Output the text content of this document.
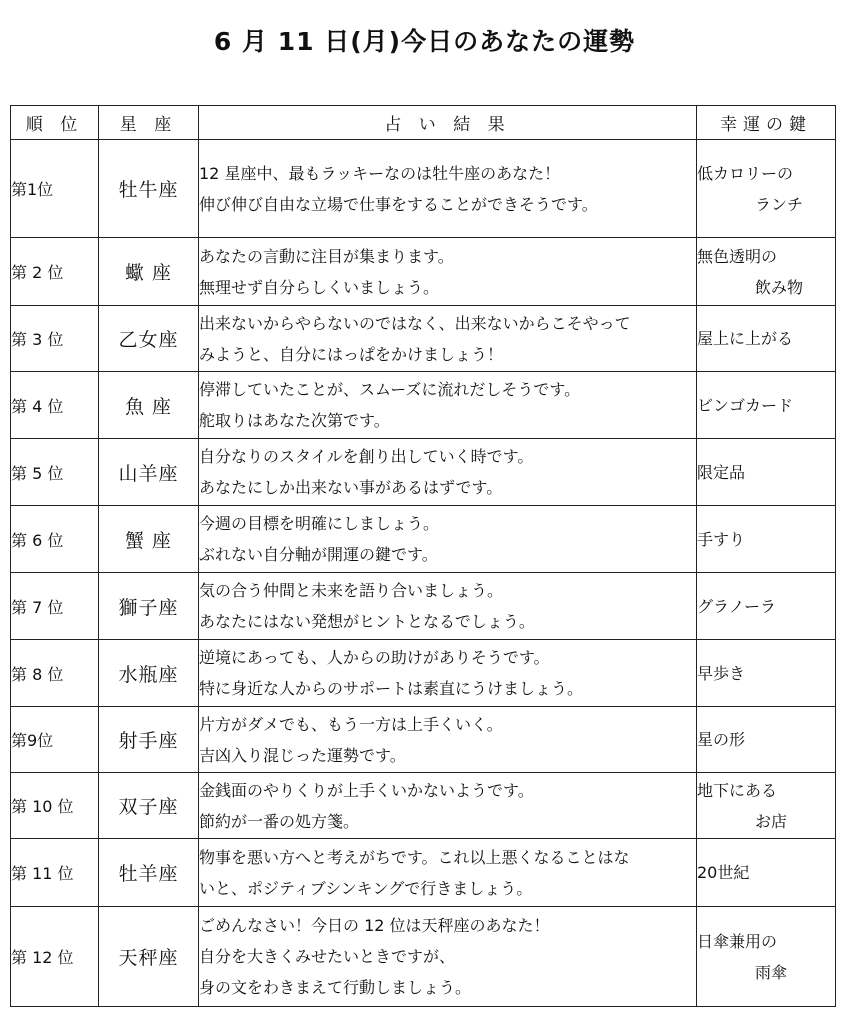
6 月 11 日(月)今日のあなたの運勢
順 位	星 座	占 い 結 果	幸運の鍵
第1位	牡牛座	12 星座中、最もラッキーなのは牡牛座のあなた！
伸び伸び自由な立場で仕事をすることができそうです。	低カロリーの
ランチ

第 2 位	蠍 座	あなたの言動に注目が集まります。
無理せず自分らしくいましょう。	無色透明の
飲み物

第 3 位	乙女座	出来ないからやらないのではなく、出来ないからこそやって
みようと、自分にはっぱをかけましょう！	屋上に上がる

第 4 位	魚 座	停滞していたことが、スムーズに流れだしそうです。
舵取りはあなた次第です。	ビンゴカード

第 5 位	山羊座	自分なりのスタイルを創り出していく時です。
あなたにしか出来ない事があるはずです。	限定品

第 6 位	蟹 座	今週の目標を明確にしましょう。
ぶれない自分軸が開運の鍵です。	手すり

第 7 位	獅子座	気の合う仲間と未来を語り合いましょう。
あなたにはない発想がヒントとなるでしょう。	グラノーラ

第 8 位	水瓶座	逆境にあっても、人からの助けがありそうです。
特に身近な人からのサポートは素直にうけましょう。	早歩き

第9位	射手座	片方がダメでも、もう一方は上手くいく。
吉凶入り混じった運勢です。	星の形

第 10 位	双子座	金銭面のやりくりが上手くいかないようです。
節約が一番の処方箋。	地下にある
お店

第 11 位	牡羊座	物事を悪い方へと考えがちです。これ以上悪くなることはな
いと、ポジティブシンキングで行きましょう。	20世紀

第 12 位	天秤座	ごめんなさい！今日の 12 位は天秤座のあなた！
自分を大きくみせたいときですが、
身の文をわきまえて行動しましょう。	日傘兼用の
雨傘
